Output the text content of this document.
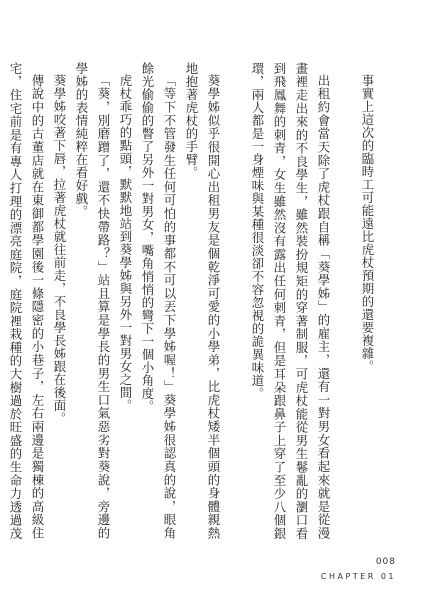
事實上這次的臨時工可能遠比虎杖預期的還要複雜。

出租約會當天除了虎杖跟自稱「葵學姊」的雇主，還有一對男女看起來就是從漫畫裡走出來的不良學生，雖然裝扮規矩的穿著制服，可虎杖能從男生鬈亂的瀏口看到飛鳳舞的刺青，女生雖然沒有露出任何刺青，但是耳朵跟鼻子上穿了至少八個銀環，兩人都是一身煙味與某種很淡卻不容忽視的詭異味道。

葵學姊似乎很開心出租男友是個乾淨可愛的小學弟，比虎杖矮半個頭的身體親熱地抱著虎杖的手臂。

「等下不管發生任何可怕的事都不可以丟下學姊喔！」葵學姊很認真的說，眼角餘光偷偷的瞥了另外一對男女，嘴角悄悄的彎下一個小角度。

虎杖乖巧的點頭，默默地站到葵學姊與另外一對男女之間。

「葵，別磨蹭了，還不快帶路？」站且算是學長的男生口氣惡劣對葵說，旁邊的學姊的表情純粹在看好戲。

葵學姊咬著下唇，拉著虎杖就往前走，不良學長姊跟在後面。

傳說中的古董店就在東御都學園後一條隱密的小巷子，左右兩邊是獨棟的高級住宅，住宅前是有專人打理的漂亮庭院，庭院裡栽種的大樹過於旺盛的生命力透過茂

008
CHAPTER 01
